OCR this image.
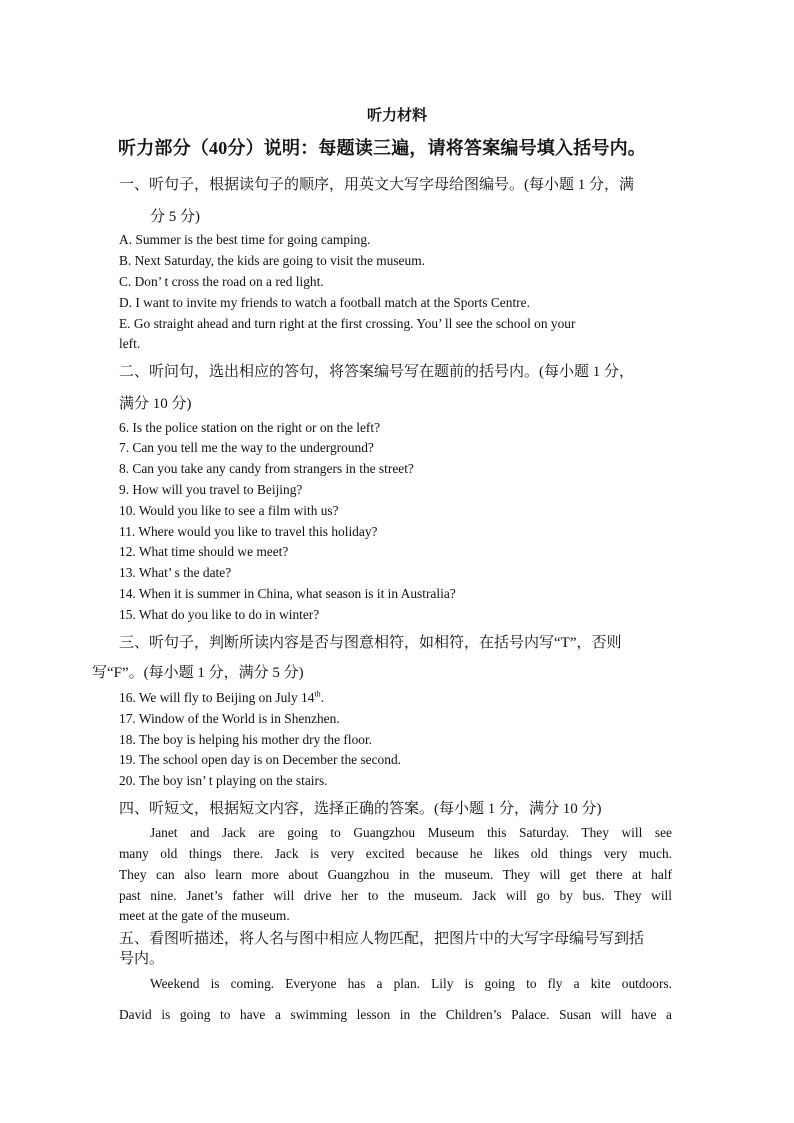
听力材料
听力部分（40分）说明：每题读三遍，请将答案编号填入括号内。
一、听句子，根据读句子的顺序，用英文大写字母给图编号。(每小题 1 分，满
分 5 分)
A. Summer is the best time for going camping.
B. Next Saturday, the kids are going to visit the museum.
C. Don’ t cross the road on a red light.
D. I want to invite my friends to watch a football match at the Sports Centre.
E. Go straight ahead and turn right at the first crossing. You’ ll see the school on your
left.
二、听问句，选出相应的答句，将答案编号写在题前的括号内。(每小题 1 分，
满分 10 分)
6. Is the police station on the right or on the left?
7. Can you tell me the way to the underground?
8. Can you take any candy from strangers in the street?
9. How will you travel to Beijing?
10. Would you like to see a film with us?
11. Where would you like to travel this holiday?
12. What time should we meet?
13. What’ s the date?
14. When it is summer in China, what season is it in Australia?
15. What do you like to do in winter?
三、听句子，判断所读内容是否与图意相符，如相符，在括号内写“T”，否则
写“F”。(每小题 1 分，满分 5 分)
16. We will fly to Beijing on July 14th.
17. Window of the World is in Shenzhen.
18. The boy is helping his mother dry the floor.
19. The school open day is on December the second.
20. The boy isn’ t playing on the stairs.
四、听短文，根据短文内容，选择正确的答案。(每小题 1 分，满分 10 分)
Janet and Jack are going to Guangzhou Museum this Saturday. They will see
many old things there. Jack is very excited because he likes old things very much.
They can also learn more about Guangzhou in the museum. They will get there at half
past nine. Janet’s father will drive her to the museum. Jack will go by bus. They will
meet at the gate of the museum.
五、看图听描述，将人名与图中相应人物匹配，把图片中的大写字母编号写到括
号内。
Weekend is coming. Everyone has a plan. Lily is going to fly a kite outdoors.
David is going to have a swimming lesson in the Children’s Palace. Susan will have a
